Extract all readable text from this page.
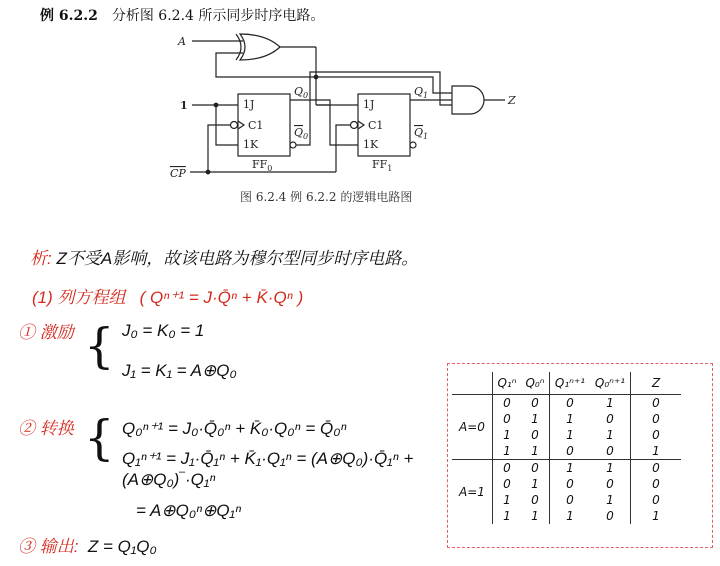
例 6.2.2 分析图 6.2.4 所示同步时序电路。
A
1
CP
1J
C1
1K
$Q_0$
$Q_0$
$FF_0$
1J
C1
1K
$Q_1$
$Q_1$
$FF_1$
Z
图 6.2.4 例 6.2.2 的逻辑电路图
析: Z不受A影响，故该电路为穆尔型同步时序电路。
(1) 列方程组 ( Qⁿ⁺¹ = J·Q̄ⁿ + K̄·Qⁿ )
① 激励 { J₀ = K₀ = 1
J₁ = K₁ = A⊕Q₀
② 转换 { Q₀ⁿ⁺¹ = J₀·Q̄₀ⁿ + K̄₀·Q₀ⁿ = Q̄₀ⁿ
Q₁ⁿ⁺¹ = J₁·Q̄₁ⁿ + K̄₁·Q₁ⁿ = (A⊕Q₀)·Q̄₁ⁿ + (A⊕Q₀)‾·Q₁ⁿ
= A⊕Q₀ⁿ⊕Q₁ⁿ
③ 输出: Z = Q₁Q₀
	Q₁ⁿ	Q₀ⁿ	Q₁ⁿ⁺¹	Q₀ⁿ⁺¹	Z
A=0	0	0	0	1	0
	0	1	1	0	0
	1	0	1	1	0
	1	1	0	0	1
A=1	0	0	1	1	0
	0	1	0	0	0
	1	0	0	1	0
	1	1	1	0	1
